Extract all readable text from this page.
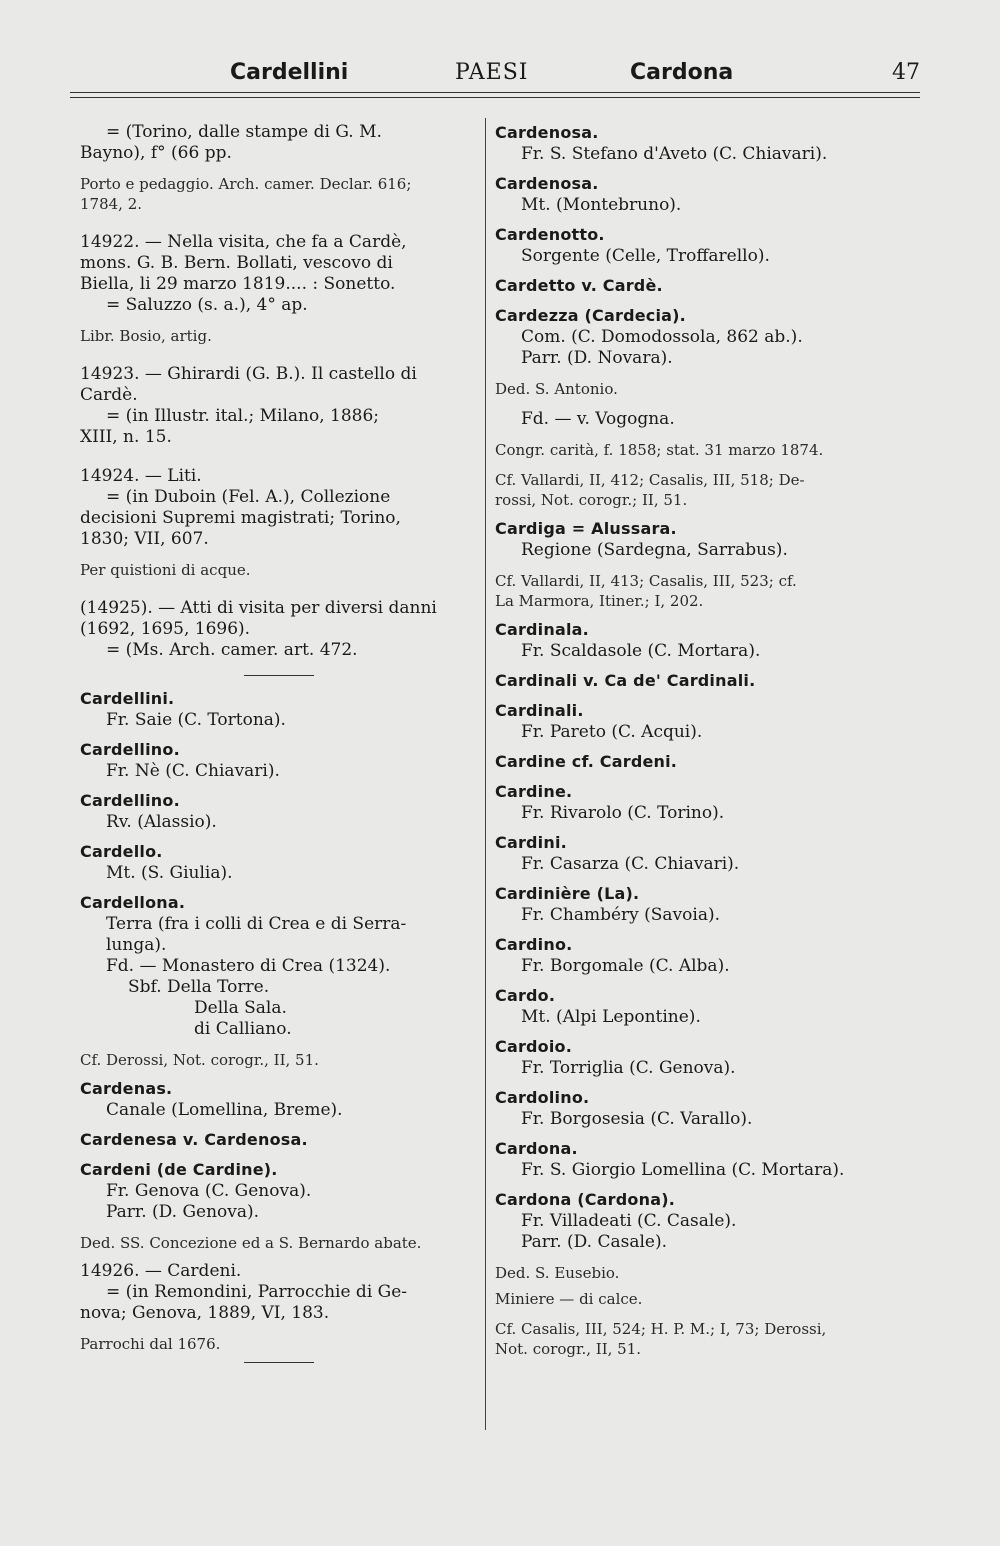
Cardellini	PAESI	Cardona	47

= (Torino, dalle stampe di G. M.

Bayno), f° (66 pp.

Porto e pedaggio. Arch. camer. Declar. 616;

1784, 2.

14922. — Nella visita, che fa a Cardè,

mons. G. B. Bern. Bollati, vescovo di

Biella, li 29 marzo 1819.... : Sonetto.

= Saluzzo (s. a.), 4° ap.

Libr. Bosio, artig.

14923. — Ghirardi (G. B.). Il castello di

Cardè.

= (in Illustr. ital.; Milano, 1886;

XIII, n. 15.

14924. — Liti.

= (in Duboin (Fel. A.), Collezione

decisioni Supremi magistrati; Torino,

1830; VII, 607.

Per quistioni di acque.

(14925). — Atti di visita per diversi danni

(1692, 1695, 1696).

= (Ms. Arch. camer. art. 472.

Cardellini.

Fr. Saie (C. Tortona).

Cardellino.

Fr. Nè (C. Chiavari).

Cardellino.

Rv. (Alassio).

Cardello.

Mt. (S. Giulia).

Cardellona.

Terra (fra i colli di Crea e di Serra-

lunga).

Fd. — Monastero di Crea (1324).

Sbf. Della Torre.

Della Sala.

di Calliano.

Cf. Derossi, Not. corogr., II, 51.

Cardenas.

Canale (Lomellina, Breme).

Cardenesa v. Cardenosa.

Cardeni (de Cardine).

Fr. Genova (C. Genova).

Parr. (D. Genova).

Ded. SS. Concezione ed a S. Bernardo abate.

14926. — Cardeni.

= (in Remondini, Parrocchie di Ge-

nova; Genova, 1889, VI, 183.

Parrochi dal 1676.

Cardenosa.

Fr. S. Stefano d'Aveto (C. Chiavari).

Cardenosa.

Mt. (Montebruno).

Cardenotto.

Sorgente (Celle, Troffarello).

Cardetto v. Cardè.

Cardezza (Cardecia).

Com. (C. Domodossola, 862 ab.).

Parr. (D. Novara).

Ded. S. Antonio.

Fd. — v. Vogogna.

Congr. carità, f. 1858; stat. 31 marzo 1874.

Cf. Vallardi, II, 412; Casalis, III, 518; De-

rossi, Not. corogr.; II, 51.

Cardiga = Alussara.

Regione (Sardegna, Sarrabus).

Cf. Vallardi, II, 413; Casalis, III, 523; cf.

La Marmora, Itiner.; I, 202.

Cardinala.

Fr. Scaldasole (C. Mortara).

Cardinali v. Ca de' Cardinali.

Cardinali.

Fr. Pareto (C. Acqui).

Cardine cf. Cardeni.

Cardine.

Fr. Rivarolo (C. Torino).

Cardini.

Fr. Casarza (C. Chiavari).

Cardinière (La).

Fr. Chambéry (Savoia).

Cardino.

Fr. Borgomale (C. Alba).

Cardo.

Mt. (Alpi Lepontine).

Cardoio.

Fr. Torriglia (C. Genova).

Cardolino.

Fr. Borgosesia (C. Varallo).

Cardona.

Fr. S. Giorgio Lomellina (C. Mortara).

Cardona (Cardona).

Fr. Villadeati (C. Casale).

Parr. (D. Casale).

Ded. S. Eusebio.

Miniere — di calce.

Cf. Casalis, III, 524; H. P. M.; I, 73; Derossi,

Not. corogr., II, 51.
